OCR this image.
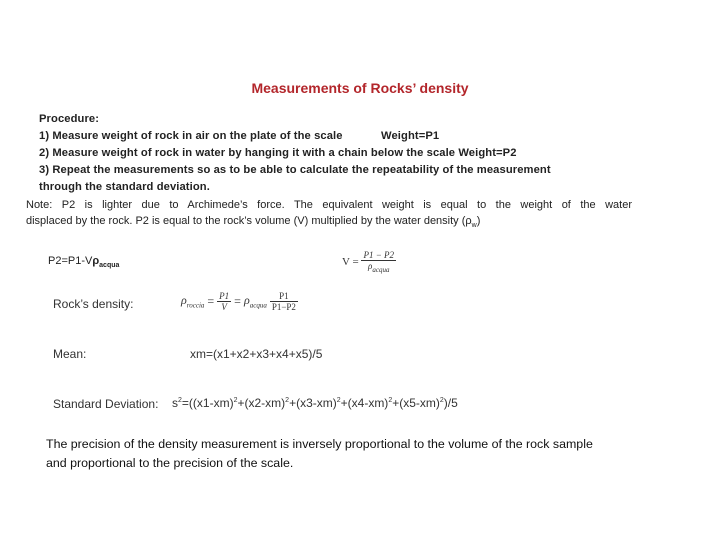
Measurements of Rocks’ density
Procedure:
1) Measure weight of rock in air on the plate of the scale	Weight=P1
2) Measure weight of rock in water by hanging it with a chain below the scale Weight=P2
3) Repeat the measurements so as to be able to calculate the repeatability of the measurement
through the standard deviation.
Note: P2 is lighter due to Archimede’s force. The equivalent weight is equal to the weight of the water
displaced by the rock. P2 is equal to the rock’s volume (V) multiplied by the water density $(\rho_w)$
$P2=P1-V\rho_{acqua}$	$V = \frac{P1 - P2}{\rho_{acqua}}$
Rock’s density:	$\rho_{roccia} = \frac{P1}{V} = \rho_{acqua} \frac{P1}{P1-P2}$
Mean:	xm=(x1+x2+x3+x4+x5)/5
Standard Deviation: $s^2=((x1-xm)^2+(x2-xm)^2+(x3-xm)^2+(x4-xm)^2+(x5-xm)^2)/5$
The precision of the density measurement is inversely proportional to the volume of the rock sample
and proportional to the precision of the scale.
